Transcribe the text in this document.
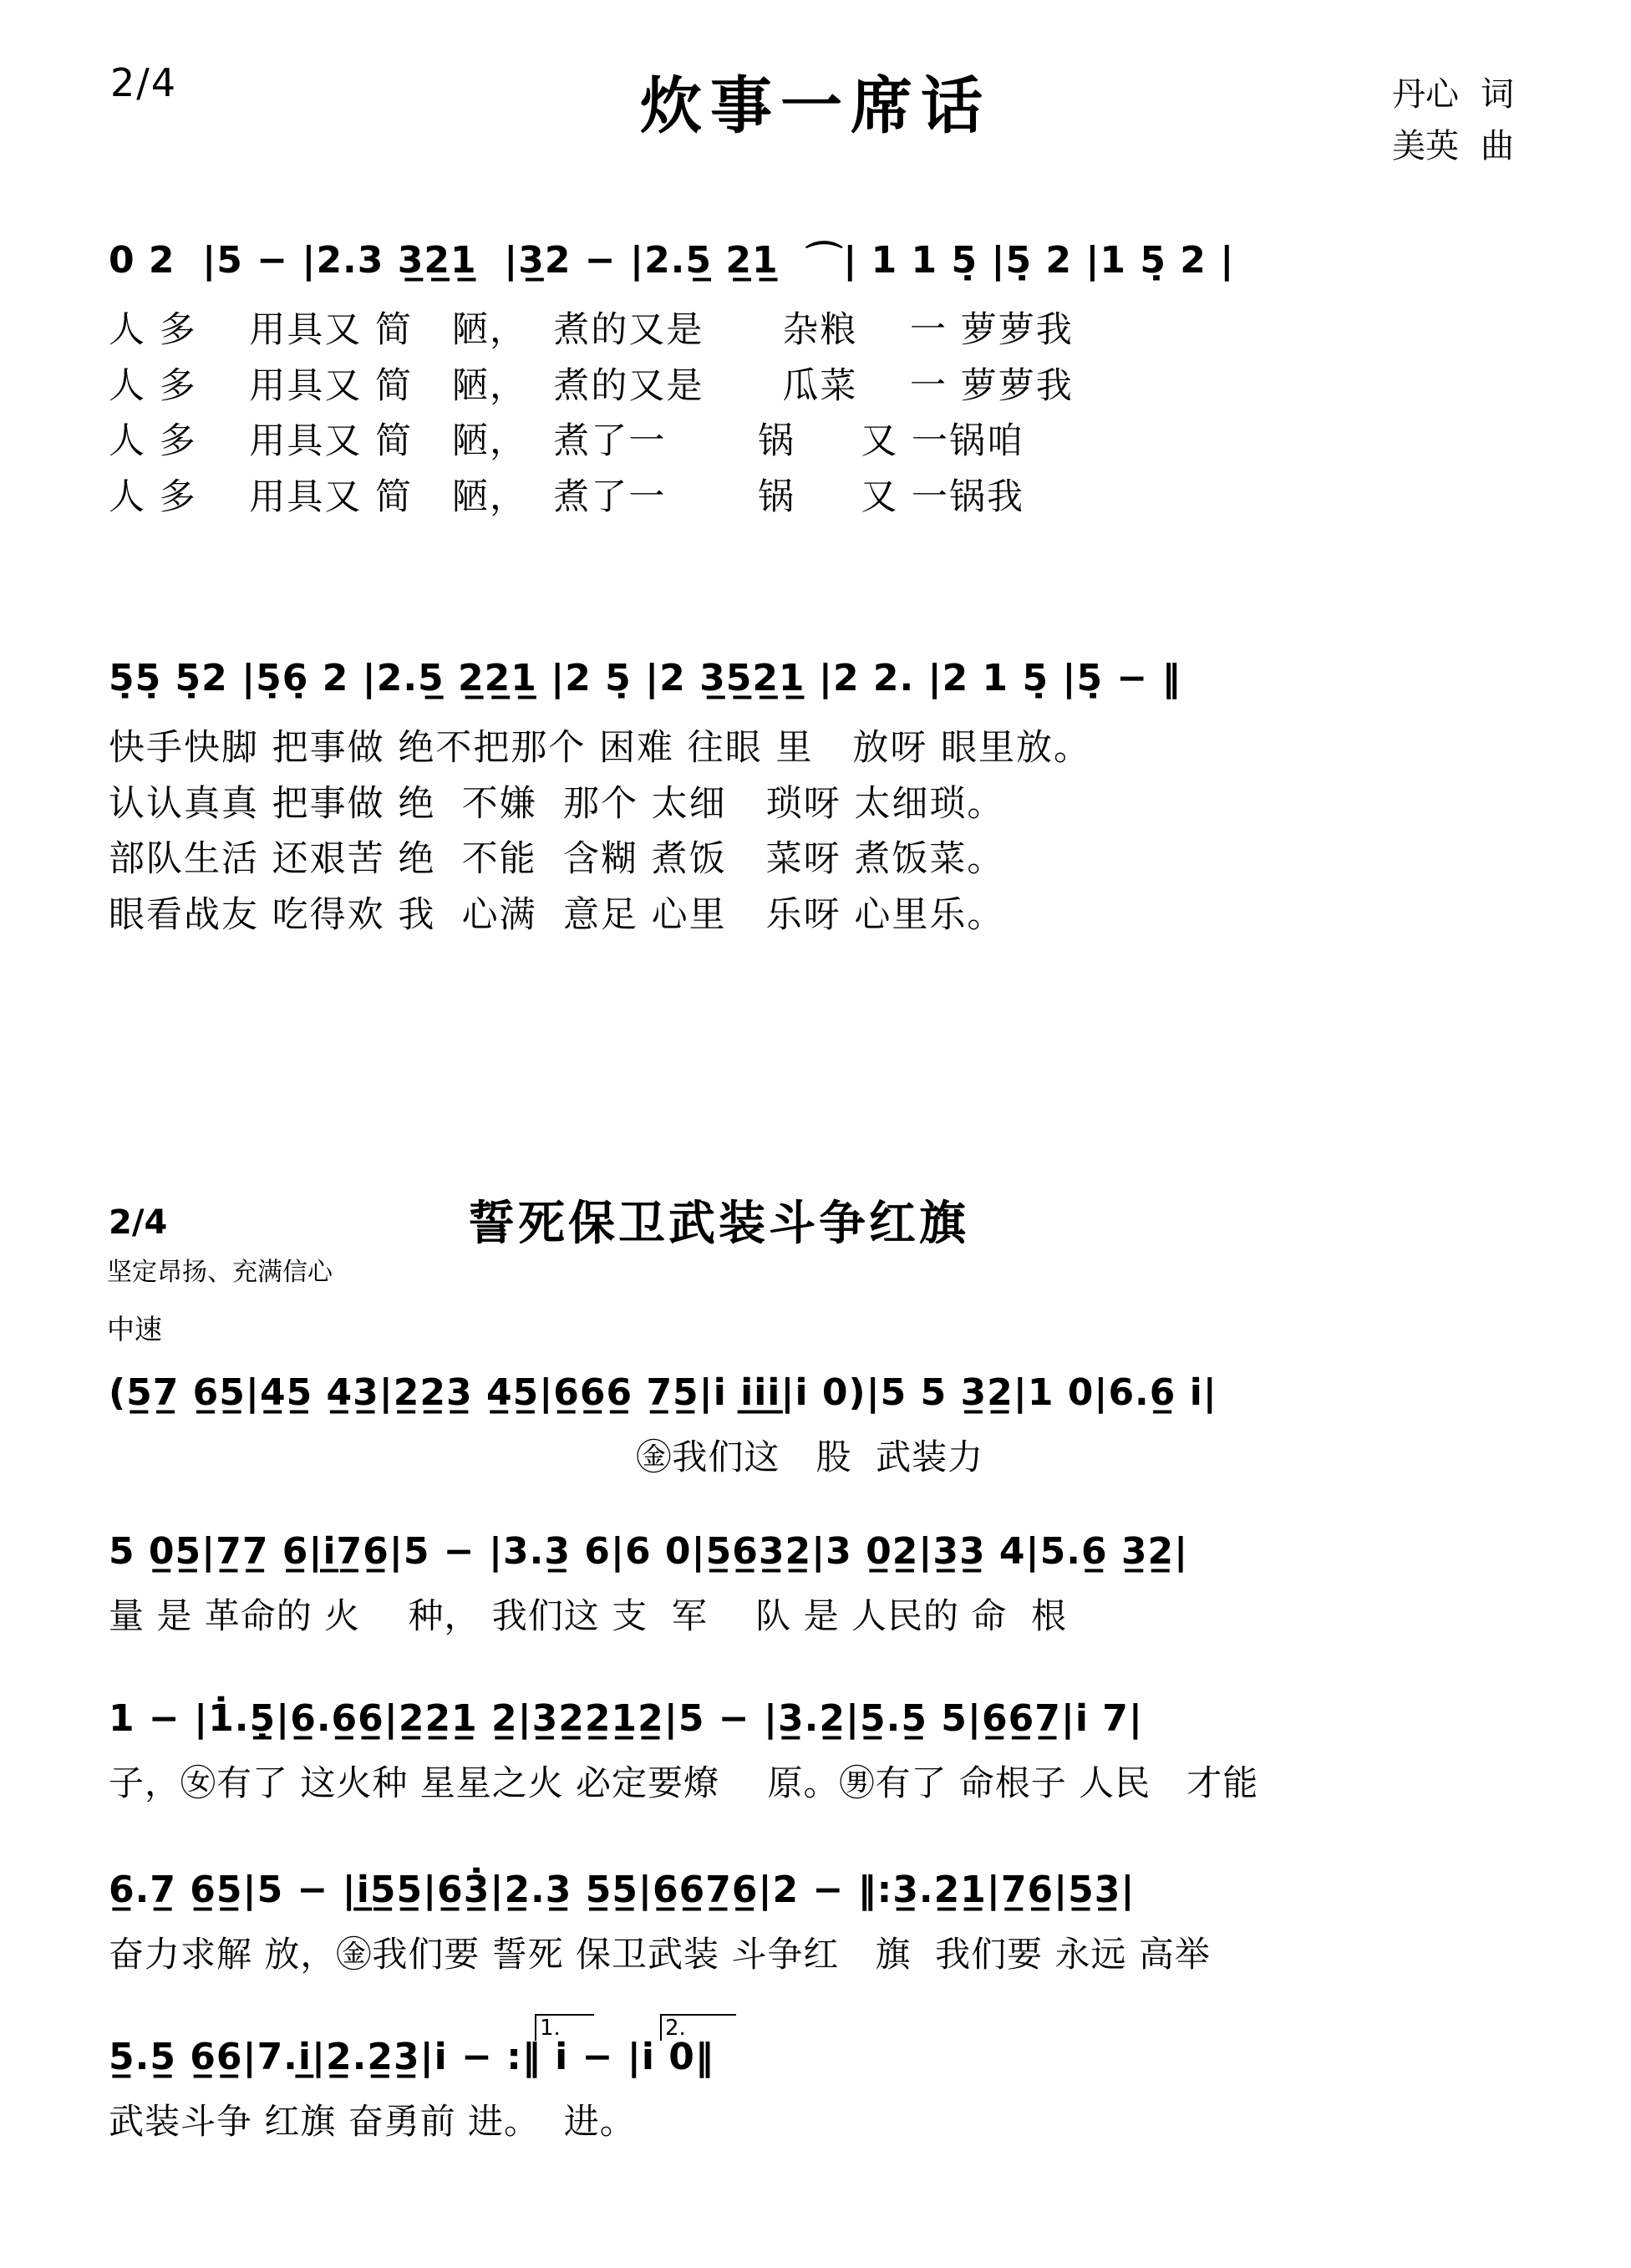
2/4	炊事一席话	丹心 词
美英 曲
0 2  |5 − |2.3 3̲2̲1̲  |3̲2 − |2.5̲ 2̲1̲  ⌒| 1 1 5̣ |5̣ 2 |1 5̣ 2 |
人 多    用具又 简   陋，  煮的又是      杂粮    一 萝萝我
人 多    用具又 简   陋，  煮的又是      瓜菜    一 萝萝我
人 多    用具又 简   陋，  煮了一       锅     又 一锅咱
人 多    用具又 简   陋，  煮了一       锅     又 一锅我
5̣5̣ 5̣2 |5̣6̣ 2 |2.5̲ 2̲2̲1̲ |2 5̣ |2 3̲5̲2̲1̲ |2 2. |2 1 5̣ |5̣ − ‖
快手快脚 把事做 绝不把那个 困难 往眼 里   放呀 眼里放。
认认真真 把事做 绝  不嫌  那个 太细   琐呀 太细琐。
部队生活 还艰苦 绝  不能  含糊 煮饭   菜呀 煮饭菜。
眼看战友 吃得欢 我  心满  意足 心里   乐呀 心里乐。
2/4
坚定昂扬、充满信心
中速
誓死保卫武装斗争红旗
(5̲7̲ 6̲5̲|4̲5̲ 4̲3̲|2̲2̲3̲ 4̲5̲|6̲6̲6̲ 7̲5̲|i̇ i̲̇i̲̇i̲̇|i̇ 0)|5 5 3̲2̲|1 0|6.6̲ i̇|
㊎我们这   股  武装力
5 0̲5̲|7̲7̲ 6̲|i̲̇7̲6̲|5 − |3.3̲ 6|6 0|5̲6̲3̲2̲|3 0̲2̲|3̲3̲ 4|5.6̲ 3̲2̲|
量 是 革命的 火    种， 我们这 支  军    队 是 人民的 命  根
1 − |1̇.5̣̲|6̲.6̲6̲|2̲2̲1̲ 2̲|3̲2̲2̲1̲2̲|5 − |3̲.2̲|5̲.5̲ 5|6̲6̲7̲|i̇ 7|
子，㊛有了 这火种 星星之火 必定要燎    原。㊚有了 命根子 人民   才能
6̲.7̲ 6̲5̲|5 − |i̲̇5̲5̲|6̲3̲̇|2̲.3̲ 5̲5̲|6̲6̲7̲6̲|2 − ‖:3̲.2̲1̲|7̲6̲|5̲3̲|
奋力求解 放，㊎我们要 誓死 保卫武装 斗争红   旗  我们要 永远 高举
1.	2.
5̲.5̲ 6̲6̲|7.i̲̇|2̲.2̲3̲|i̇ − :‖ i̇ − |i̇ 0‖
武装斗争 红旗 奋勇前 进。  进。
